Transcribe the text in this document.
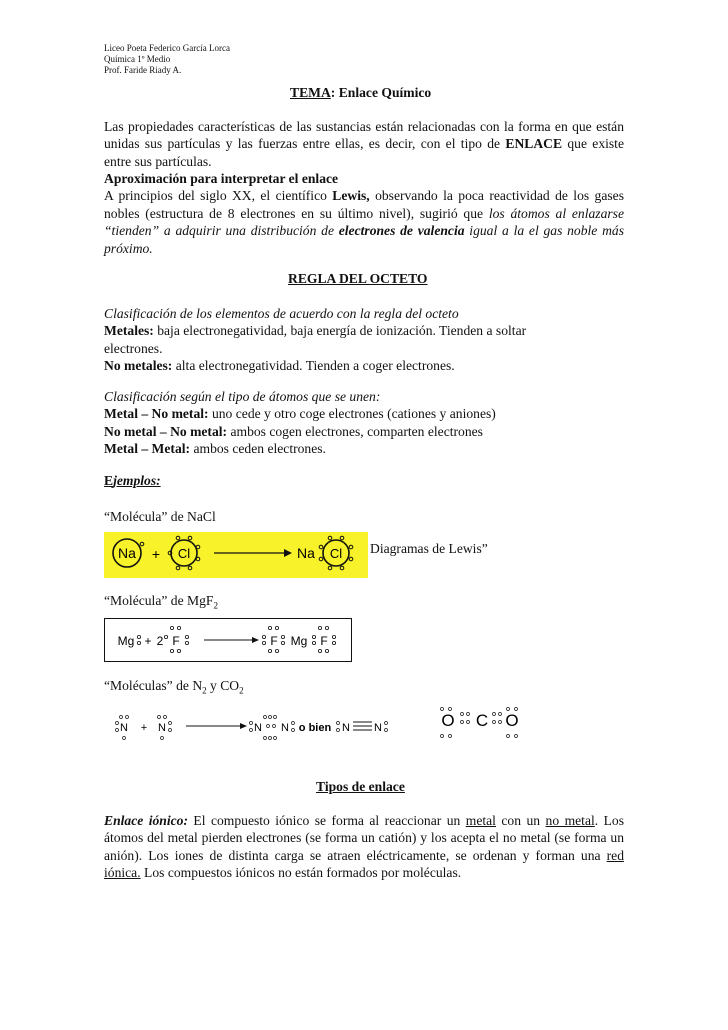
Liceo Poeta Federico García Lorca
Química 1º Medio
Prof. Faride Riady A.
TEMA: Enlace Químico
Las propiedades características de las sustancias están relacionadas con la forma en que están unidas sus partículas y las fuerzas entre ellas, es decir, con el tipo de ENLACE que existe entre sus partículas.
Aproximación para interpretar el enlace
A principios del siglo XX, el científico Lewis, observando la poca reactividad de los gases nobles (estructura de 8 electrones en su último nivel), sugirió que los átomos al enlazarse “tienden” a adquirir una distribución de electrones de valencia igual a la el gas noble más próximo.
REGLA DEL OCTETO
Clasificación de los elementos de acuerdo con la regla del octeto
Metales: baja electronegatividad, baja energía de ionización. Tienden a soltar electrones.
No metales: alta electronegatividad. Tienden a coger electrones.
Clasificación según el tipo de átomos que se unen:
Metal – No metal: uno cede y otro coge electrones (cationes y aniones)
No metal – No metal: ambos cogen electrones, comparten electrones
Metal – Metal: ambos ceden electrones.
Ejemplos:
“Molécula” de NaCl
Na + Cl	Na Cl Diagramas de Lewis”
“Molécula” de MgF$_2$
Mg + 2 F	F Mg F
“Moléculas” de $N_2$ y $CO_2$
N + N	N N o bien N N	O C O
Tipos de enlace
Enlace iónico: El compuesto iónico se forma al reaccionar un metal con un no metal. Los átomos del metal pierden electrones (se forma un catión) y los acepta el no metal (se forma un anión). Los iones de distinta carga se atraen eléctricamente, se ordenan y forman una red iónica. Los compuestos iónicos no están formados por moléculas.
